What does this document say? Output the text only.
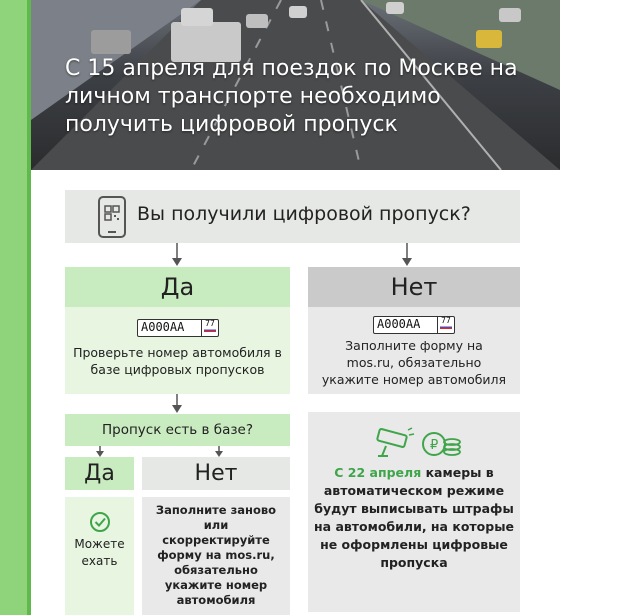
С 15 апреля для поездок по Москве на личном транспорте необходимо получить цифровой пропуск
Вы получили цифровой пропуск?
Да
А000АА	77
Проверьте номер автомобиля в базе цифровых пропусков
Нет
А000АА	77
Заполните форму на mos.ru, обязательно укажите номер автомобиля
Пропуск есть в базе?
Да	Нет
Можете ехать
Заполните заново или скорректируйте форму на mos.ru, обязательно укажите номер автомобиля
₽
С 22 апреля камеры в автоматическом режиме будут выписывать штрафы на автомобили, на которые не оформлены цифровые пропуска
